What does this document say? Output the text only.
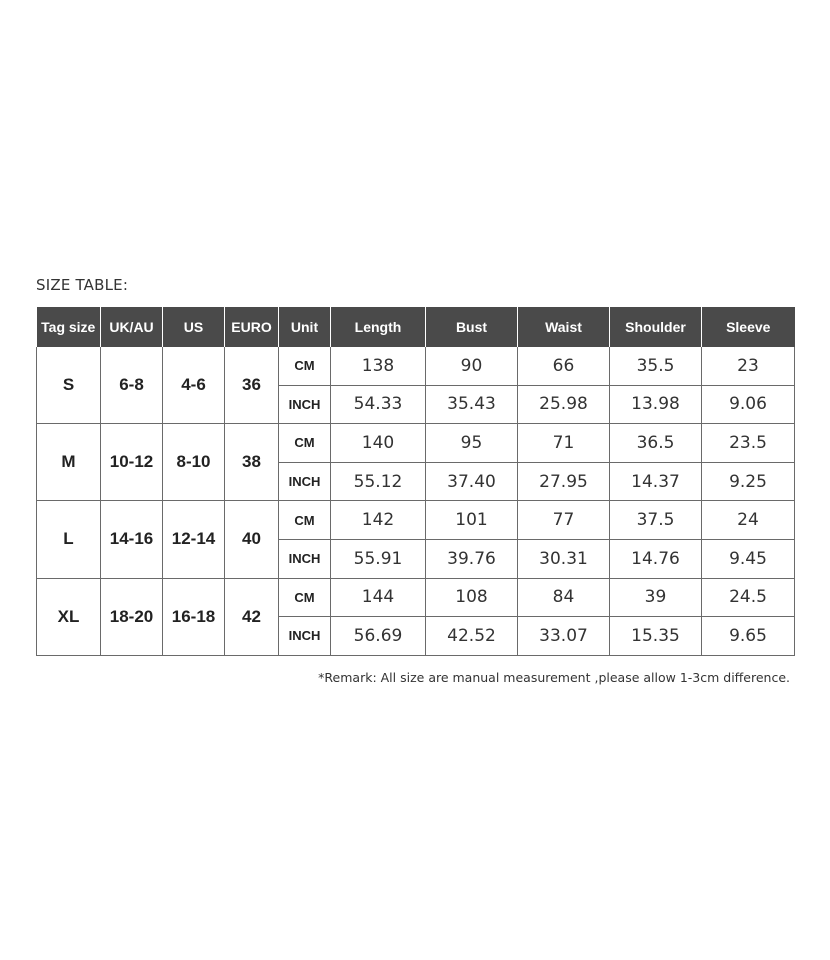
SIZE TABLE:
Tag size	UK/AU	US	EURO	Unit	Length	Bust	Waist	Shoulder	Sleeve
S	6-8	4-6	36	CM	138	90	66	35.5	23
				INCH	54.33	35.43	25.98	13.98	9.06
M	10-12	8-10	38	CM	140	95	71	36.5	23.5
				INCH	55.12	37.40	27.95	14.37	9.25
L	14-16	12-14	40	CM	142	101	77	37.5	24
				INCH	55.91	39.76	30.31	14.76	9.45
XL	18-20	16-18	42	CM	144	108	84	39	24.5
				INCH	56.69	42.52	33.07	15.35	9.65
*Remark: All size are manual measurement ,please allow 1-3cm difference.
